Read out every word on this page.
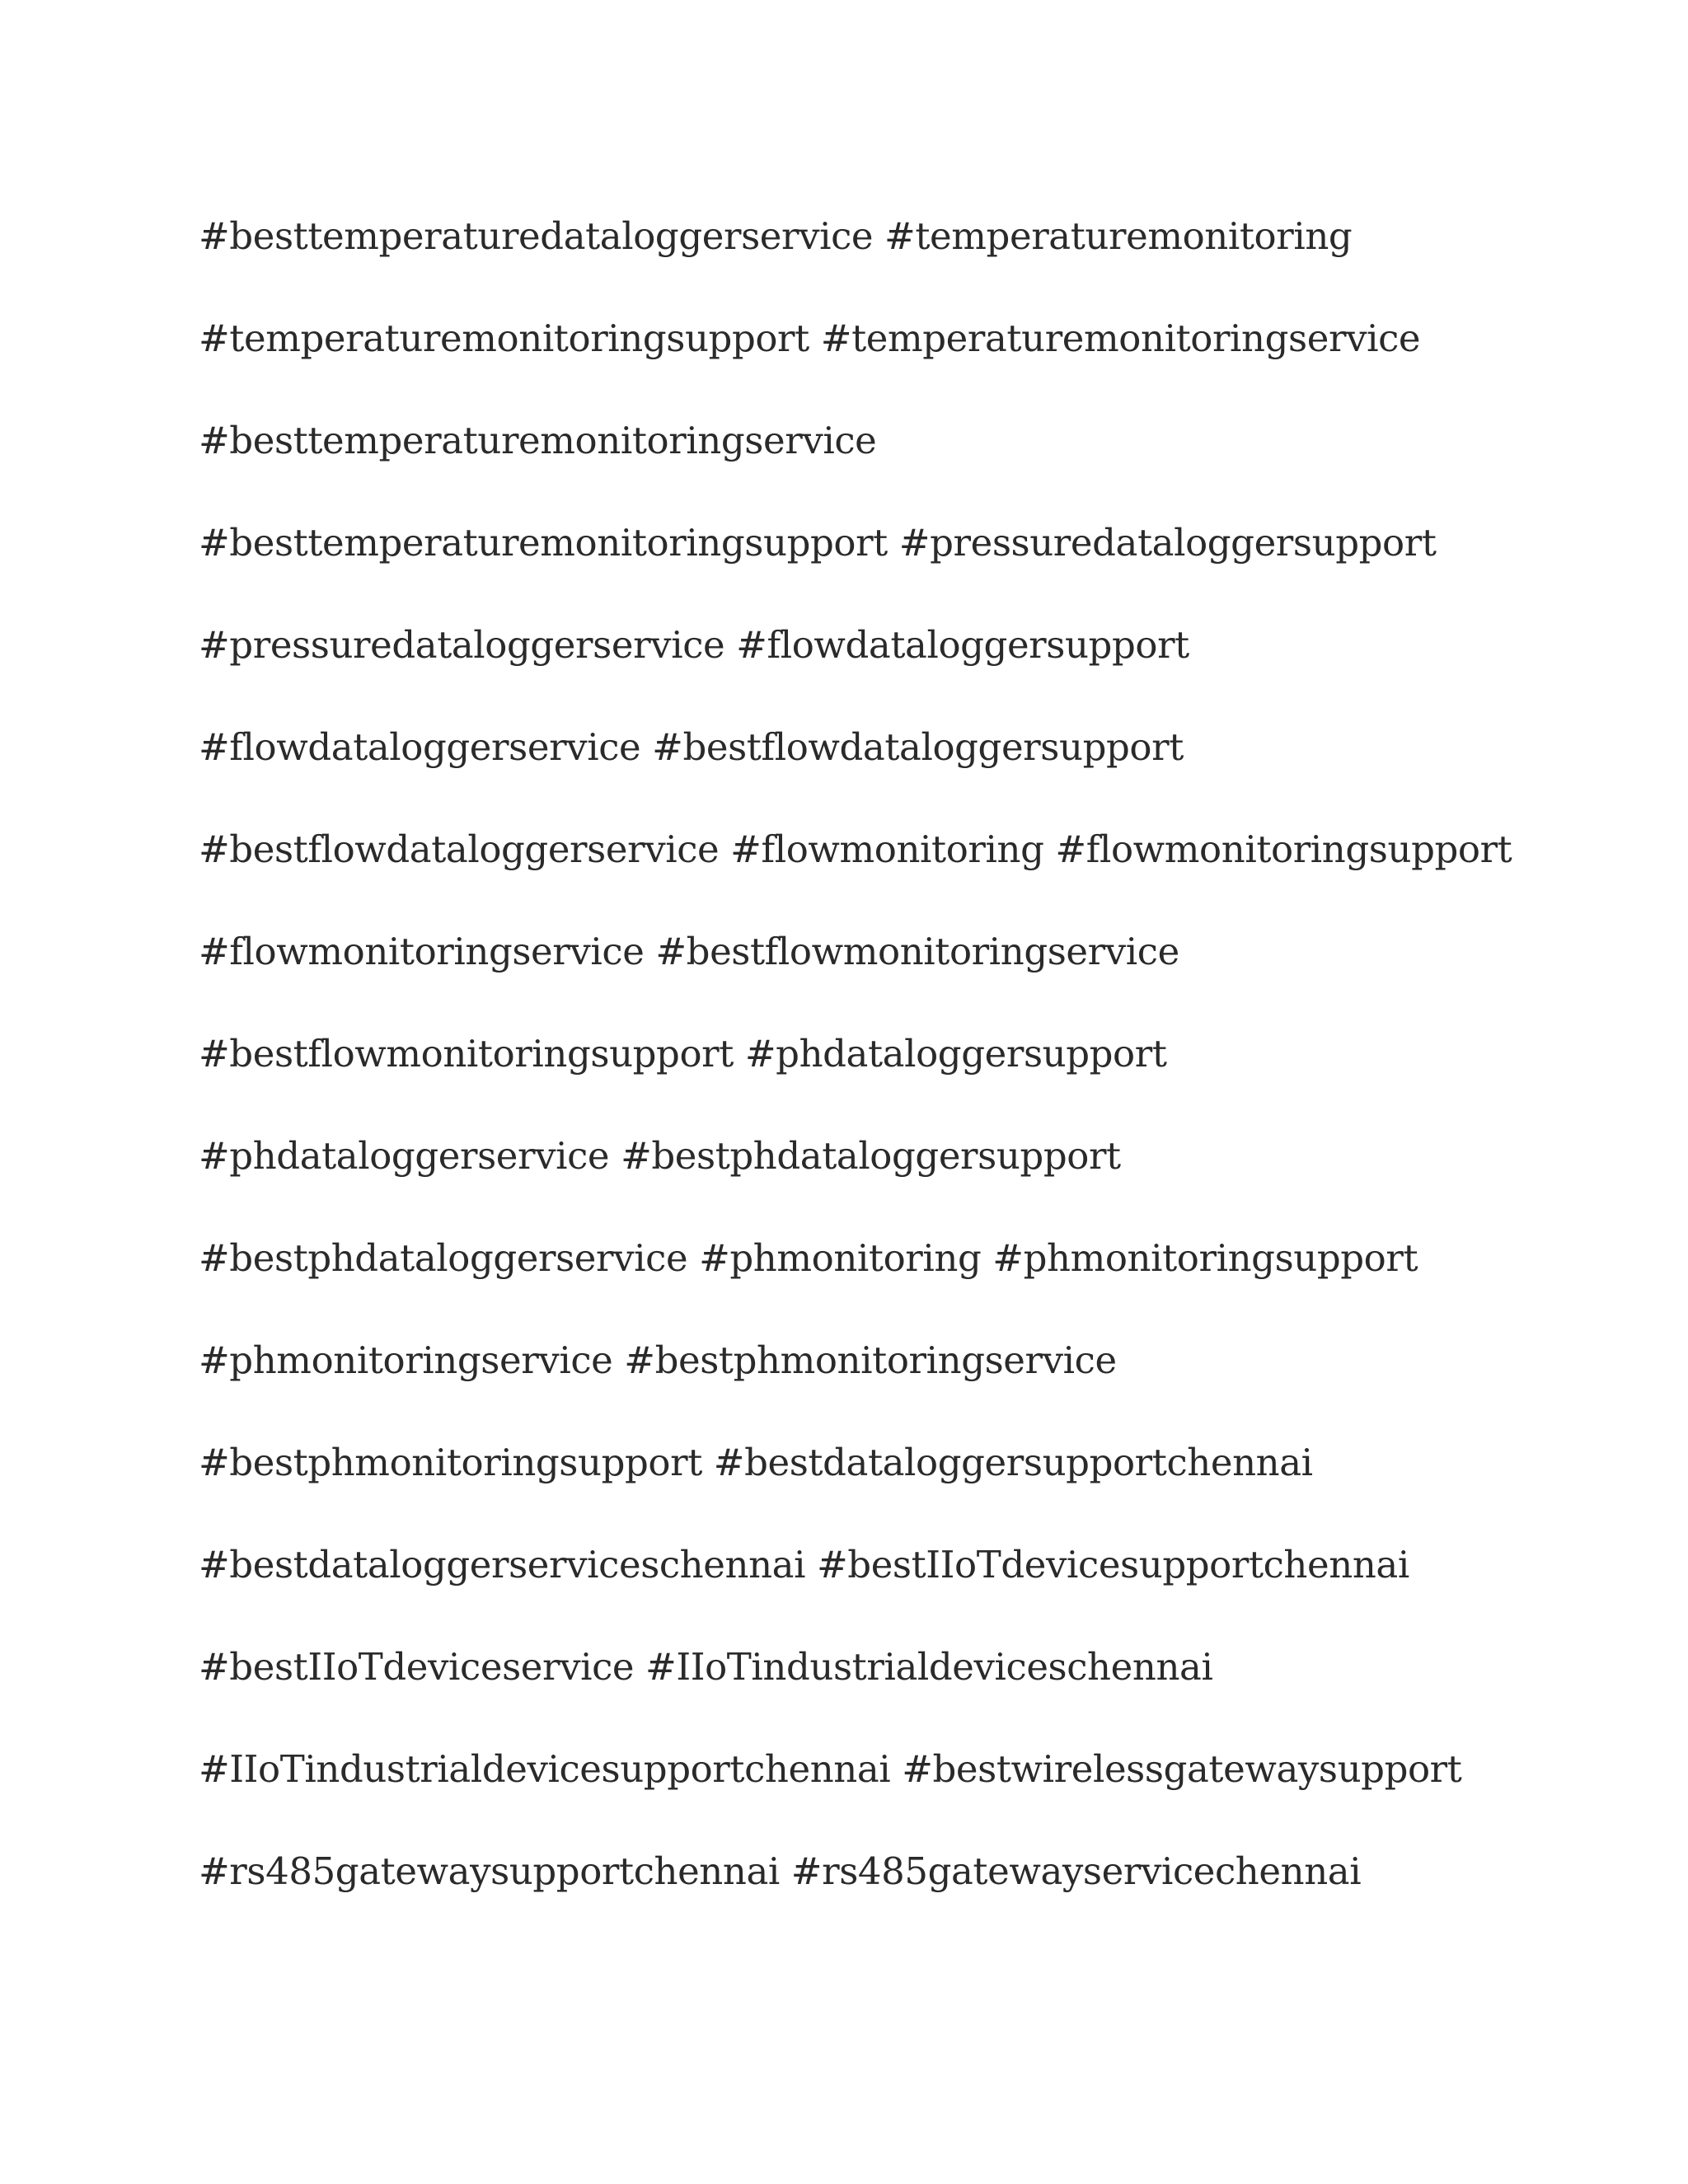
#besttemperaturedataloggerservice #temperaturemonitoring
#temperaturemonitoringsupport #temperaturemonitoringservice
#besttemperaturemonitoringservice
#besttemperaturemonitoringsupport #pressuredataloggersupport
#pressuredataloggerservice #flowdataloggersupport
#flowdataloggerservice #bestflowdataloggersupport
#bestflowdataloggerservice #flowmonitoring #flowmonitoringsupport
#flowmonitoringservice #bestflowmonitoringservice
#bestflowmonitoringsupport #phdataloggersupport
#phdataloggerservice #bestphdataloggersupport
#bestphdataloggerservice #phmonitoring #phmonitoringsupport
#phmonitoringservice #bestphmonitoringservice
#bestphmonitoringsupport #bestdataloggersupportchennai
#bestdataloggerserviceschennai #bestIIoTdevicesupportchennai
#bestIIoTdeviceservice #IIoTindustrialdeviceschennai
#IIoTindustrialdevicesupportchennai #bestwirelessgatewaysupport
#rs485gatewaysupportchennai #rs485gatewayservicechennai
